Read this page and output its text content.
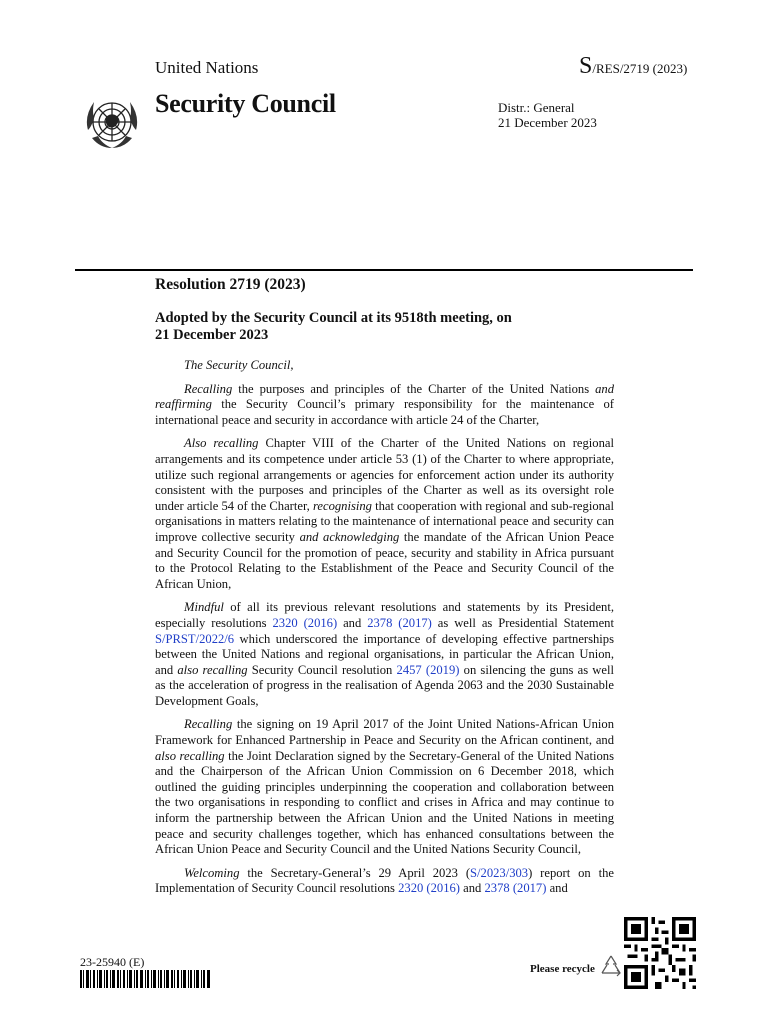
United Nations	S/RES/2719 (2023)
Security Council	Distr.: General
21 December 2023
Resolution 2719 (2023)
Adopted by the Security Council at its 9518th meeting, on
21 December 2023

The Security Council,

Recalling the purposes and principles of the Charter of the United Nations and reaffirming the Security Council’s primary responsibility for the maintenance of international peace and security in accordance with article 24 of the Charter,

Also recalling Chapter VIII of the Charter of the United Nations on regional arrangements and its competence under article 53 (1) of the Charter to where appropriate, utilize such regional arrangements or agencies for enforcement action under its authority consistent with the purposes and principles of the Charter as well as its oversight role under article 54 of the Charter, recognising that cooperation with regional and sub-regional organisations in matters relating to the maintenance of international peace and security can improve collective security and acknowledging the mandate of the African Union Peace and Security Council for the promotion of peace, security and stability in Africa pursuant to the Protocol Relating to the Establishment of the Peace and Security Council of the African Union,

Mindful of all its previous relevant resolutions and statements by its President, especially resolutions 2320 (2016) and 2378 (2017) as well as Presidential Statement S/PRST/2022/6 which underscored the importance of developing effective partnerships between the United Nations and regional organisations, in particular the African Union, and also recalling Security Council resolution 2457 (2019) on silencing the guns as well as the acceleration of progress in the realisation of Agenda 2063 and the 2030 Sustainable Development Goals,

Recalling the signing on 19 April 2017 of the Joint United Nations-African Union Framework for Enhanced Partnership in Peace and Security on the African continent, and also recalling the Joint Declaration signed by the Secretary-General of the United Nations and the Chairperson of the African Union Commission on 6 December 2018, which outlined the guiding principles underpinning the cooperation and collaboration between the two organisations in responding to conflict and crises in Africa and may continue to inform the partnership between the African Union and the United Nations in meeting peace and security challenges together, which has enhanced consultations between the African Union Peace and Security Council and the United Nations Security Council,

Welcoming the Secretary-General’s 29 April 2023 (S/2023/303) report on the Implementation of Security Council resolutions 2320 (2016) and 2378 (2017) and

23-25940 (E)	Please recycle
